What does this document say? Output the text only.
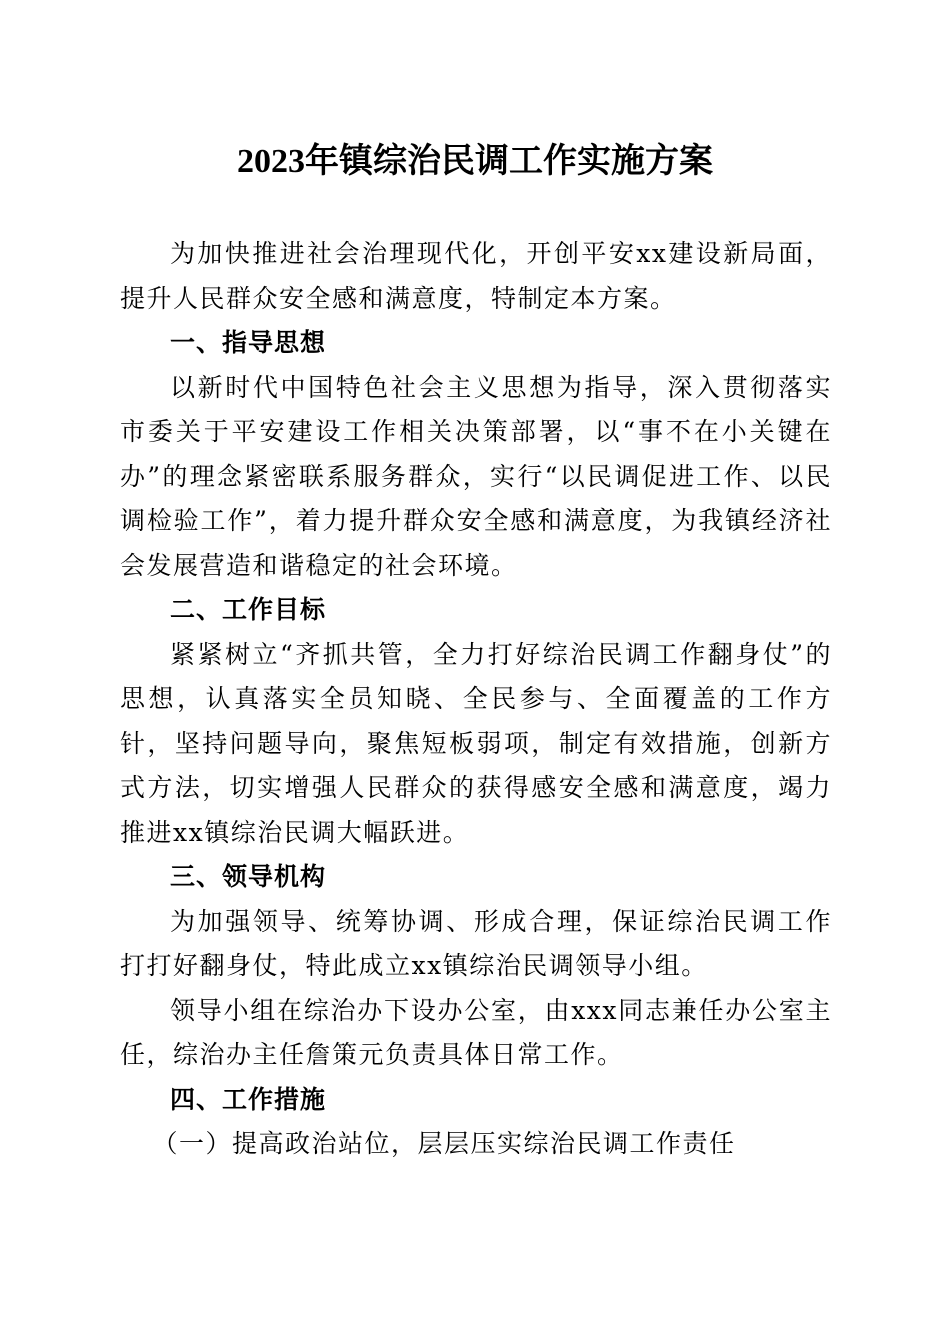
2023年镇综治民调工作实施方案

为加快推进社会治理现代化，开创平安xx建设新局面，提升人民群众安全感和满意度，特制定本方案。

一、指导思想

以新时代中国特色社会主义思想为指导，深入贯彻落实市委关于平安建设工作相关决策部署，以“事不在小关键在办”的理念紧密联系服务群众，实行“以民调促进工作、以民调检验工作”，着力提升群众安全感和满意度，为我镇经济社会发展营造和谐稳定的社会环境。

二、工作目标

紧紧树立“齐抓共管，全力打好综治民调工作翻身仗”的思想，认真落实全员知晓、全民参与、全面覆盖的工作方针，坚持问题导向，聚焦短板弱项，制定有效措施，创新方式方法，切实增强人民群众的获得感安全感和满意度，竭力推进xx镇综治民调大幅跃进。

三、领导机构

为加强领导、统筹协调、形成合理，保证综治民调工作打打好翻身仗，特此成立xx镇综治民调领导小组。

领导小组在综治办下设办公室，由xxx同志兼任办公室主任，综治办主任詹策元负责具体日常工作。

四、工作措施

（一）提高政治站位，层层压实综治民调工作责任
